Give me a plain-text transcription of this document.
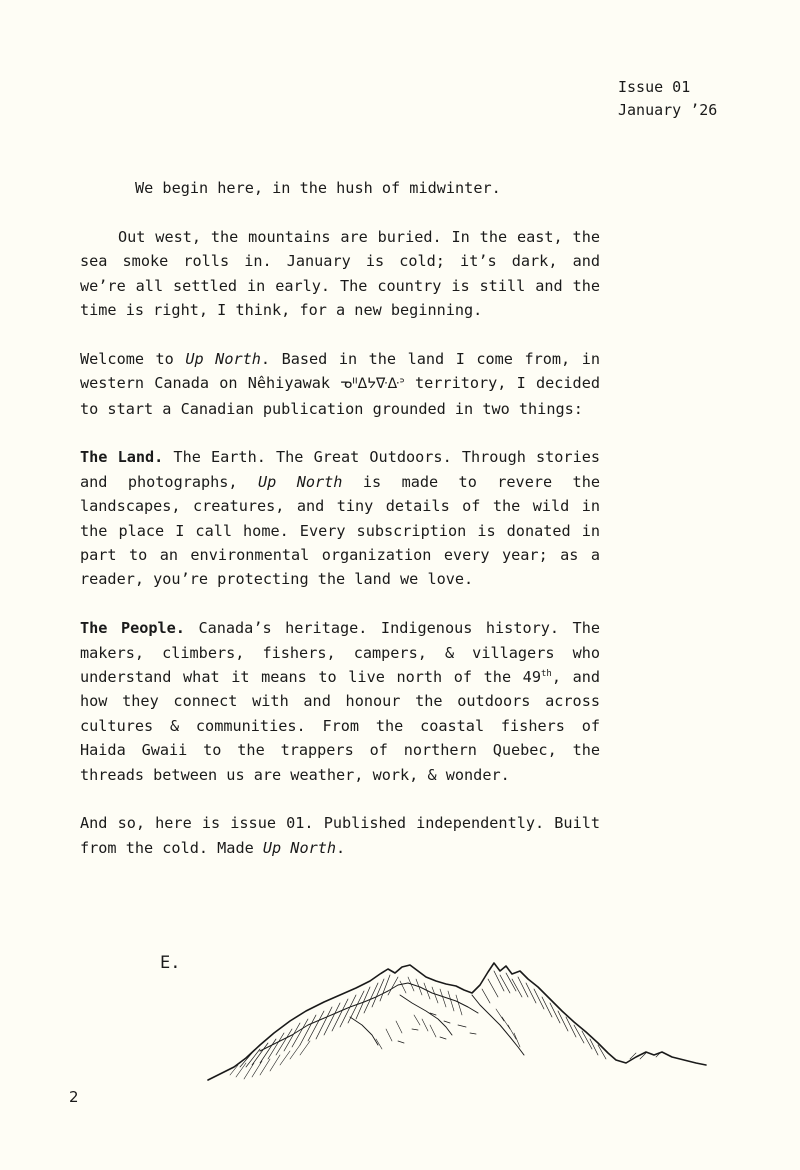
Issue 01
January ’26

We begin here, in the hush of midwinter.

Out west, the mountains are buried. In the east, the sea smoke rolls in. January is cold; it’s dark, and we’re all settled in early. The country is still and the time is right, I think, for a new beginning.

Welcome to Up North. Based in the land I come from, in western Canada on Nêhiyawak ᓀᐦᐃᔭᐍᐏᐣ territory, I decided to start a Canadian publication grounded in two things:

The Land. The Earth. The Great Outdoors. Through stories and photographs, Up North is made to revere the landscapes, creatures, and tiny details of the wild in the place I call home. Every subscription is donated in part to an environmental organization every year; as a reader, you’re protecting the land we love.

The People. Canada’s heritage. Indigenous history. The makers, climbers, fishers, campers, & villagers who understand what it means to live north of the 49th, and how they connect with and honour the outdoors across cultures & communities. From the coastal fishers of Haida Gwaii to the trappers of northern Quebec, the threads between us are weather, work, & wonder.

And so, here is issue 01. Published independently. Built from the cold. Made Up North.

E.
2
